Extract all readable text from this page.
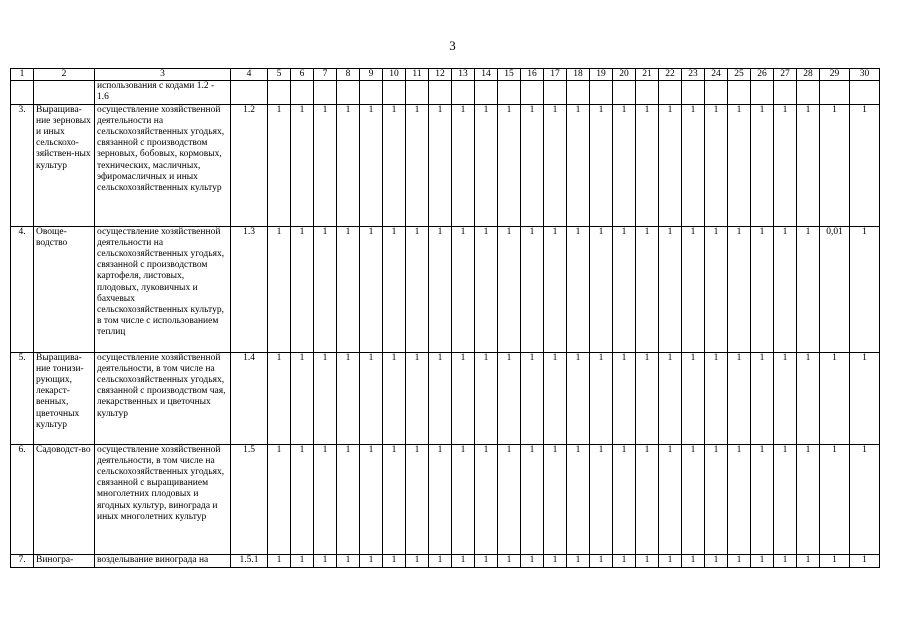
3
1	2	3	4	5	6	7	8	9	10	11	12	13	14	15	16	17	18	19	20	21	22	23	24	25	26	27	28	29	30
		использования с кодами 1.2 - 1.6																											
3.	Выращива-ние зерновых и иных сельскохо-зяйствен-ных культур	осуществление хозяйственной деятельности на сельскохозяйственных угодьях, связанной с производством зерновых, бобовых, кормовых, технических, масличных, эфиромасличных и иных сельскохозяйственных культур	1.2	1	1	1	1	1	1	1	1	1	1	1	1	1	1	1	1	1	1	1	1	1	1	1	1	1	1
4.	Овоще-водство	осуществление хозяйственной деятельности на сельскохозяйственных угодьях, связанной с производством картофеля, листовых, плодовых, луковичных и бахчевых сельскохозяйственных культур, в том числе с использованием теплиц	1.3	1	1	1	1	1	1	1	1	1	1	1	1	1	1	1	1	1	1	1	1	1	1	1	1	0,01	1
5.	Выращива-ние тонизи-рующих, лекарст-венных, цветочных культур	осуществление хозяйственной деятельности, в том числе на сельскохозяйственных угодьях, связанной с производством чая, лекарственных и цветочных культур	1.4	1	1	1	1	1	1	1	1	1	1	1	1	1	1	1	1	1	1	1	1	1	1	1	1	1	1
6.	Садоводст-во	осуществление хозяйственной деятельности, в том числе на сельскохозяйственных угодьях, связанной с выращиванием многолетних плодовых и ягодных культур, винограда и иных многолетних культур	1.5	1	1	1	1	1	1	1	1	1	1	1	1	1	1	1	1	1	1	1	1	1	1	1	1	1	1
7.	Виногра-	возделывание винограда на	1.5.1	1	1	1	1	1	1	1	1	1	1	1	1	1	1	1	1	1	1	1	1	1	1	1	1	1	1
